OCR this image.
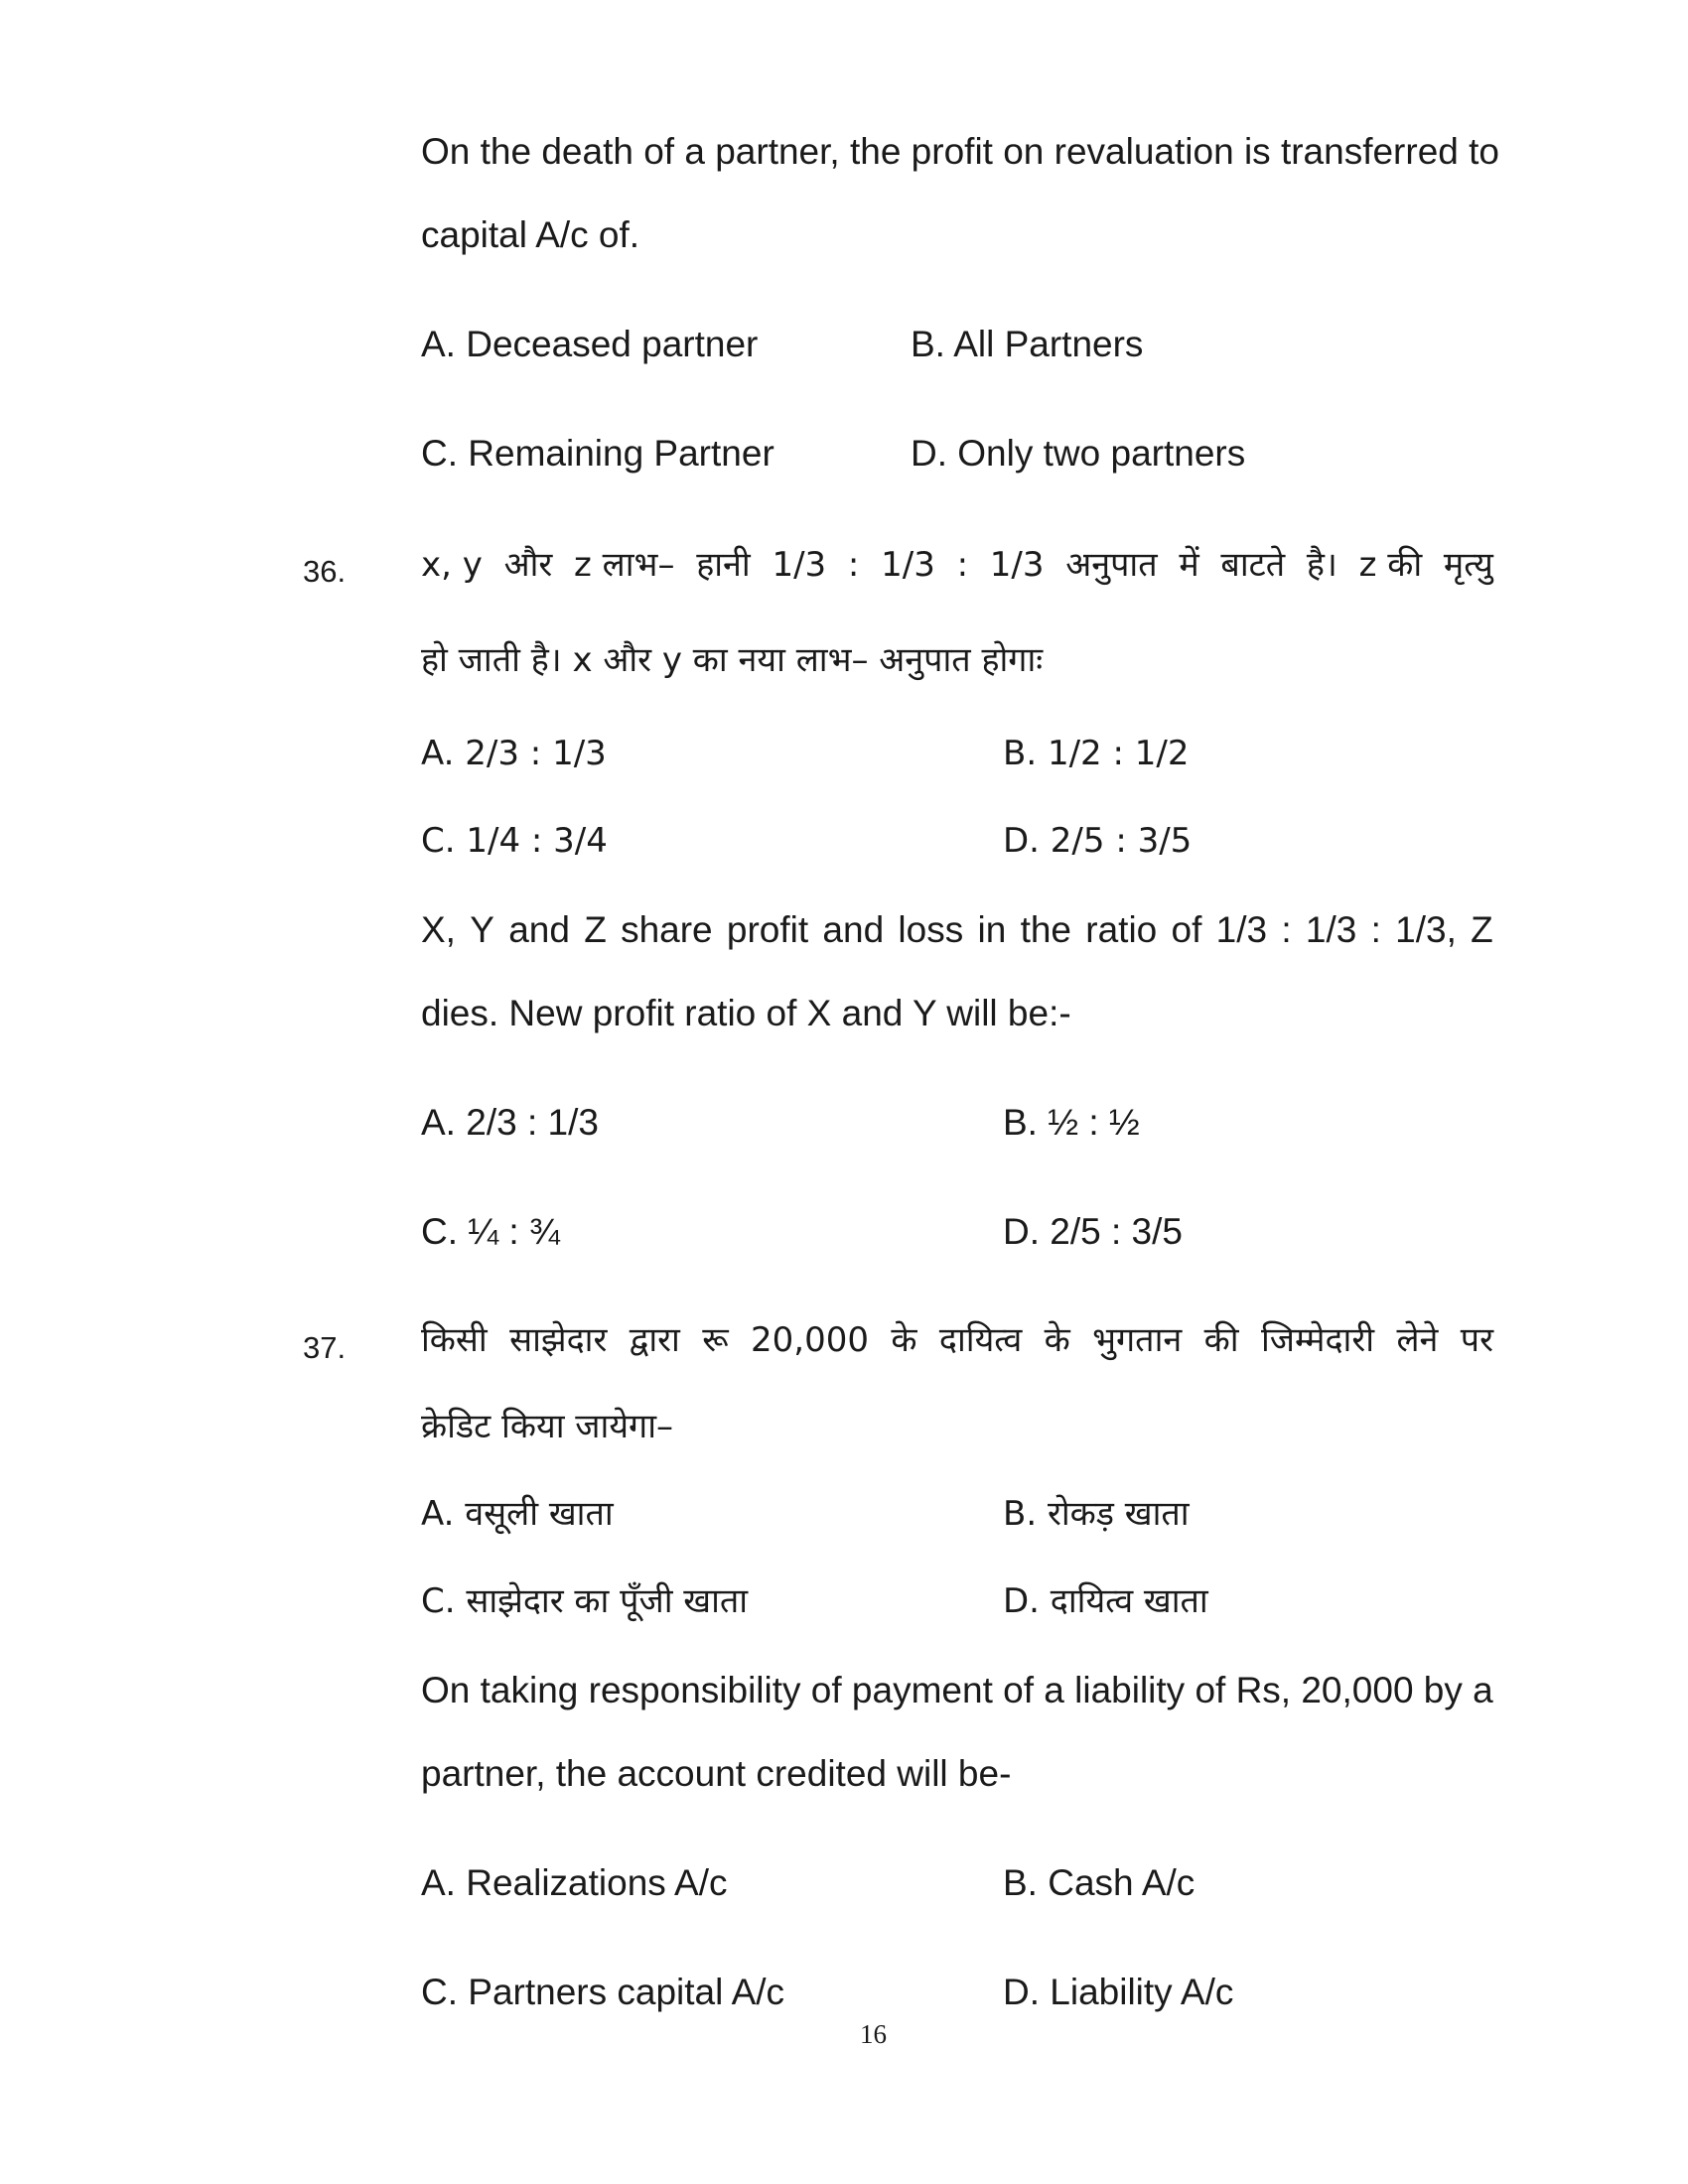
On the death of a partner, the profit on revaluation is transferred to
capital A/c of.
A. Deceased partner	B. All Partners
C. Remaining Partner	D. Only two partners
36. x, y और z लाभ– हानी 1/3 : 1/3 : 1/3 अनुपात में बाटते है। z की मृत्यु
हो जाती है। x और y का नया लाभ– अनुपात होगाः
A. 2/3 : 1/3	B. 1/2 : 1/2
C. 1/4 : 3/4	D. 2/5 : 3/5
X, Y and Z share profit and loss in the ratio of 1/3 : 1/3 : 1/3, Z
dies. New profit ratio of X and Y will be:-
A. 2/3 : 1/3	B. ½ : ½
C. ¼ : ¾	D. 2/5 : 3/5
37. किसी साझेदार द्वारा रू 20,000 के दायित्व के भुगतान की जिम्मेदारी लेने पर
क्रेडिट किया जायेगा–
A. वसूली खाता	B. रोकड़ खाता
C. साझेदार का पूँजी खाता	D. दायित्व खाता
On taking responsibility of payment of a liability of Rs, 20,000 by a
partner, the account credited will be-
A. Realizations A/c	B. Cash A/c
C. Partners capital A/c	D. Liability A/c
16
